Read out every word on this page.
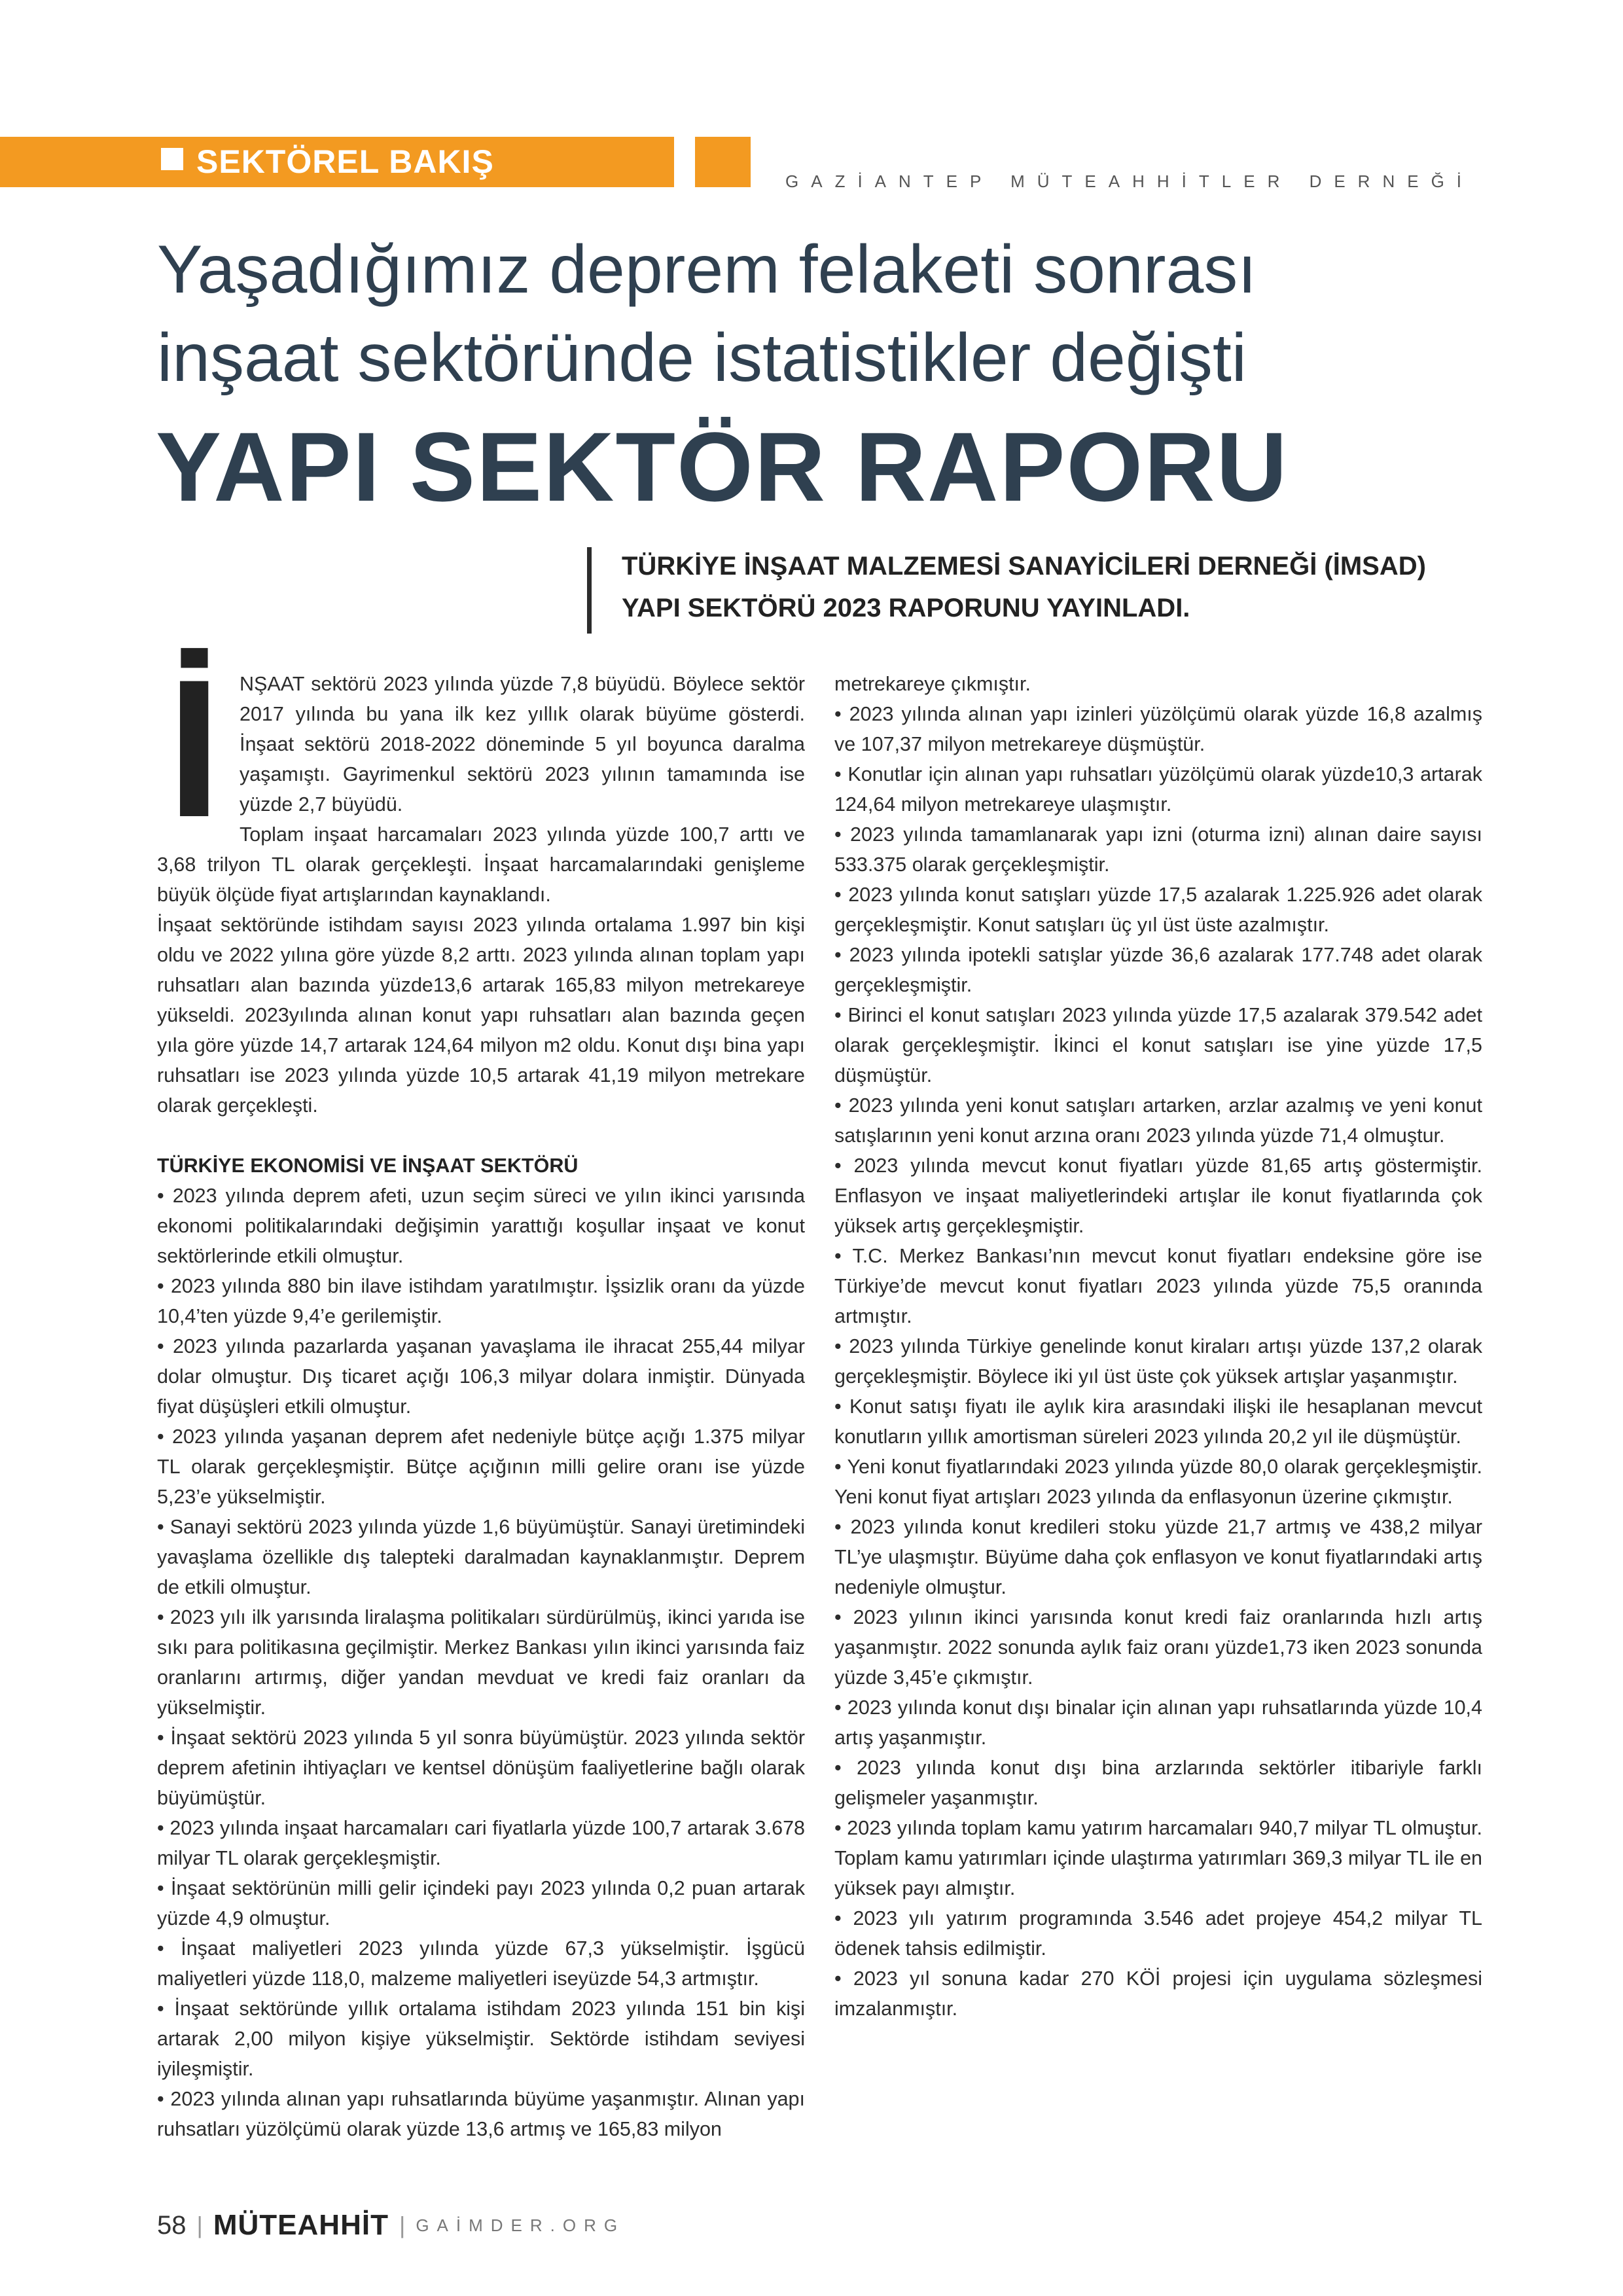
SEKTÖREL BAKIŞ
GAZİANTEP MÜTEAHHİTLER DERNEĞİ
Yaşadığımız deprem felaketi sonrası
inşaat sektöründe istatistikler değişti
YAPI SEKTÖR RAPORU
TÜRKİYE İNŞAAT MALZEMESİ SANAYİCİLERİ DERNEĞİ (İMSAD)
YAPI SEKTÖRÜ 2023 RAPORUNU YAYINLADI.
İ NŞAAT sektörü 2023 yılında yüzde 7,8 büyüdü. Böylece sektör 2017 yılında bu yana ilk kez yıllık olarak büyüme gösterdi. İnşaat sektörü 2018-2022 döneminde 5 yıl boyunca daralma yaşamıştı. Gayrimenkul sektörü 2023 yılının tamamında ise yüzde 2,7 büyüdü.

Toplam inşaat harcamaları 2023 yılında yüzde 100,7 arttı ve 3,68 trilyon TL olarak gerçekleşti. İnşaat harcamalarındaki genişleme büyük ölçüde fiyat artışlarından kaynaklandı.

İnşaat sektöründe istihdam sayısı 2023 yılında ortalama 1.997 bin kişi oldu ve 2022 yılına göre yüzde 8,2 arttı. 2023 yılında alınan toplam yapı ruhsatları alan bazında yüzde13,6 artarak 165,83 milyon metrekareye yükseldi. 2023yılında alınan konut yapı ruhsatları alan bazında geçen yıla göre yüzde 14,7 artarak 124,64 milyon m2 oldu. Konut dışı bina yapı ruhsatları ise 2023 yılında yüzde 10,5 artarak 41,19 milyon metrekare olarak gerçekleşti.

TÜRKİYE EKONOMİSİ VE İNŞAAT SEKTÖRÜ

• 2023 yılında deprem afeti, uzun seçim süreci ve yılın ikinci yarısında ekonomi politikalarındaki değişimin yarattığı koşullar inşaat ve konut sektörlerinde etkili olmuştur.

• 2023 yılında 880 bin ilave istihdam yaratılmıştır. İşsizlik oranı da yüzde 10,4’ten yüzde 9,4’e gerilemiştir.

• 2023 yılında pazarlarda yaşanan yavaşlama ile ihracat 255,44 milyar dolar olmuştur. Dış ticaret açığı 106,3 milyar dolara inmiştir. Dünyada fiyat düşüşleri etkili olmuştur.

• 2023 yılında yaşanan deprem afet nedeniyle bütçe açığı 1.375 milyar TL olarak gerçekleşmiştir. Bütçe açığının milli gelire oranı ise yüzde 5,23’e yükselmiştir.

• Sanayi sektörü 2023 yılında yüzde 1,6 büyümüştür. Sanayi üretimindeki yavaşlama özellikle dış talepteki daralmadan kaynaklanmıştır. Deprem de etkili olmuştur.

• 2023 yılı ilk yarısında liralaşma politikaları sürdürülmüş, ikinci yarıda ise sıkı para politikasına geçilmiştir. Merkez Bankası yılın ikinci yarısında faiz oranlarını artırmış, diğer yandan mevduat ve kredi faiz oranları da yükselmiştir.

• İnşaat sektörü 2023 yılında 5 yıl sonra büyümüştür. 2023 yılında sektör deprem afetinin ihtiyaçları ve kentsel dönüşüm faaliyetlerine bağlı olarak büyümüştür.

• 2023 yılında inşaat harcamaları cari fiyatlarla yüzde 100,7 artarak 3.678 milyar TL olarak gerçekleşmiştir.

• İnşaat sektörünün milli gelir içindeki payı 2023 yılında 0,2 puan artarak yüzde 4,9 olmuştur.

• İnşaat maliyetleri 2023 yılında yüzde 67,3 yükselmiştir. İşgücü maliyetleri yüzde 118,0, malzeme maliyetleri iseyüzde 54,3 artmıştır.

• İnşaat sektöründe yıllık ortalama istihdam 2023 yılında 151 bin kişi artarak 2,00 milyon kişiye yükselmiştir. Sektörde istihdam seviyesi iyileşmiştir.

• 2023 yılında alınan yapı ruhsatlarında büyüme yaşanmıştır. Alınan yapı ruhsatları yüzölçümü olarak yüzde 13,6 artmış ve 165,83 milyon

metrekareye çıkmıştır.

• 2023 yılında alınan yapı izinleri yüzölçümü olarak yüzde 16,8 azalmış ve 107,37 milyon metrekareye düşmüştür.

• Konutlar için alınan yapı ruhsatları yüzölçümü olarak yüzde10,3 artarak 124,64 milyon metrekareye ulaşmıştır.

• 2023 yılında tamamlanarak yapı izni (oturma izni) alınan daire sayısı 533.375 olarak gerçekleşmiştir.

• 2023 yılında konut satışları yüzde 17,5 azalarak 1.225.926 adet olarak gerçekleşmiştir. Konut satışları üç yıl üst üste azalmıştır.

• 2023 yılında ipotekli satışlar yüzde 36,6 azalarak 177.748 adet olarak gerçekleşmiştir.

• Birinci el konut satışları 2023 yılında yüzde 17,5 azalarak 379.542 adet olarak gerçekleşmiştir. İkinci el konut satışları ise yine yüzde 17,5 düşmüştür.

• 2023 yılında yeni konut satışları artarken, arzlar azalmış ve yeni konut satışlarının yeni konut arzına oranı 2023 yılında yüzde 71,4 olmuştur.

• 2023 yılında mevcut konut fiyatları yüzde 81,65 artış göstermiştir. Enflasyon ve inşaat maliyetlerindeki artışlar ile konut fiyatlarında çok yüksek artış gerçekleşmiştir.

• T.C. Merkez Bankası’nın mevcut konut fiyatları endeksine göre ise Türkiye’de mevcut konut fiyatları 2023 yılında yüzde 75,5 oranında artmıştır.

• 2023 yılında Türkiye genelinde konut kiraları artışı yüzde 137,2 olarak gerçekleşmiştir. Böylece iki yıl üst üste çok yüksek artışlar yaşanmıştır.

• Konut satışı fiyatı ile aylık kira arasındaki ilişki ile hesaplanan mevcut konutların yıllık amortisman süreleri 2023 yılında 20,2 yıl ile düşmüştür.

• Yeni konut fiyatlarındaki 2023 yılında yüzde 80,0 olarak gerçekleşmiştir. Yeni konut fiyat artışları 2023 yılında da enflasyonun üzerine çıkmıştır.

• 2023 yılında konut kredileri stoku yüzde 21,7 artmış ve 438,2 milyar TL’ye ulaşmıştır. Büyüme daha çok enflasyon ve konut fiyatlarındaki artış nedeniyle olmuştur.

• 2023 yılının ikinci yarısında konut kredi faiz oranlarında hızlı artış yaşanmıştır. 2022 sonunda aylık faiz oranı yüzde1,73 iken 2023 sonunda yüzde 3,45’e çıkmıştır.

• 2023 yılında konut dışı binalar için alınan yapı ruhsatlarında yüzde 10,4 artış yaşanmıştır.

• 2023 yılında konut dışı bina arzlarında sektörler itibariyle farklı gelişmeler yaşanmıştır.

• 2023 yılında toplam kamu yatırım harcamaları 940,7 milyar TL olmuştur. Toplam kamu yatırımları içinde ulaştırma yatırımları 369,3 milyar TL ile en yüksek payı almıştır.

• 2023 yılı yatırım programında 3.546 adet projeye 454,2 milyar TL ödenek tahsis edilmiştir.

• 2023 yıl sonuna kadar 270 KÖİ projesi için uygulama sözleşmesi imzalanmıştır.

58 | MÜTEAHHİT | GAİMDER.ORG
